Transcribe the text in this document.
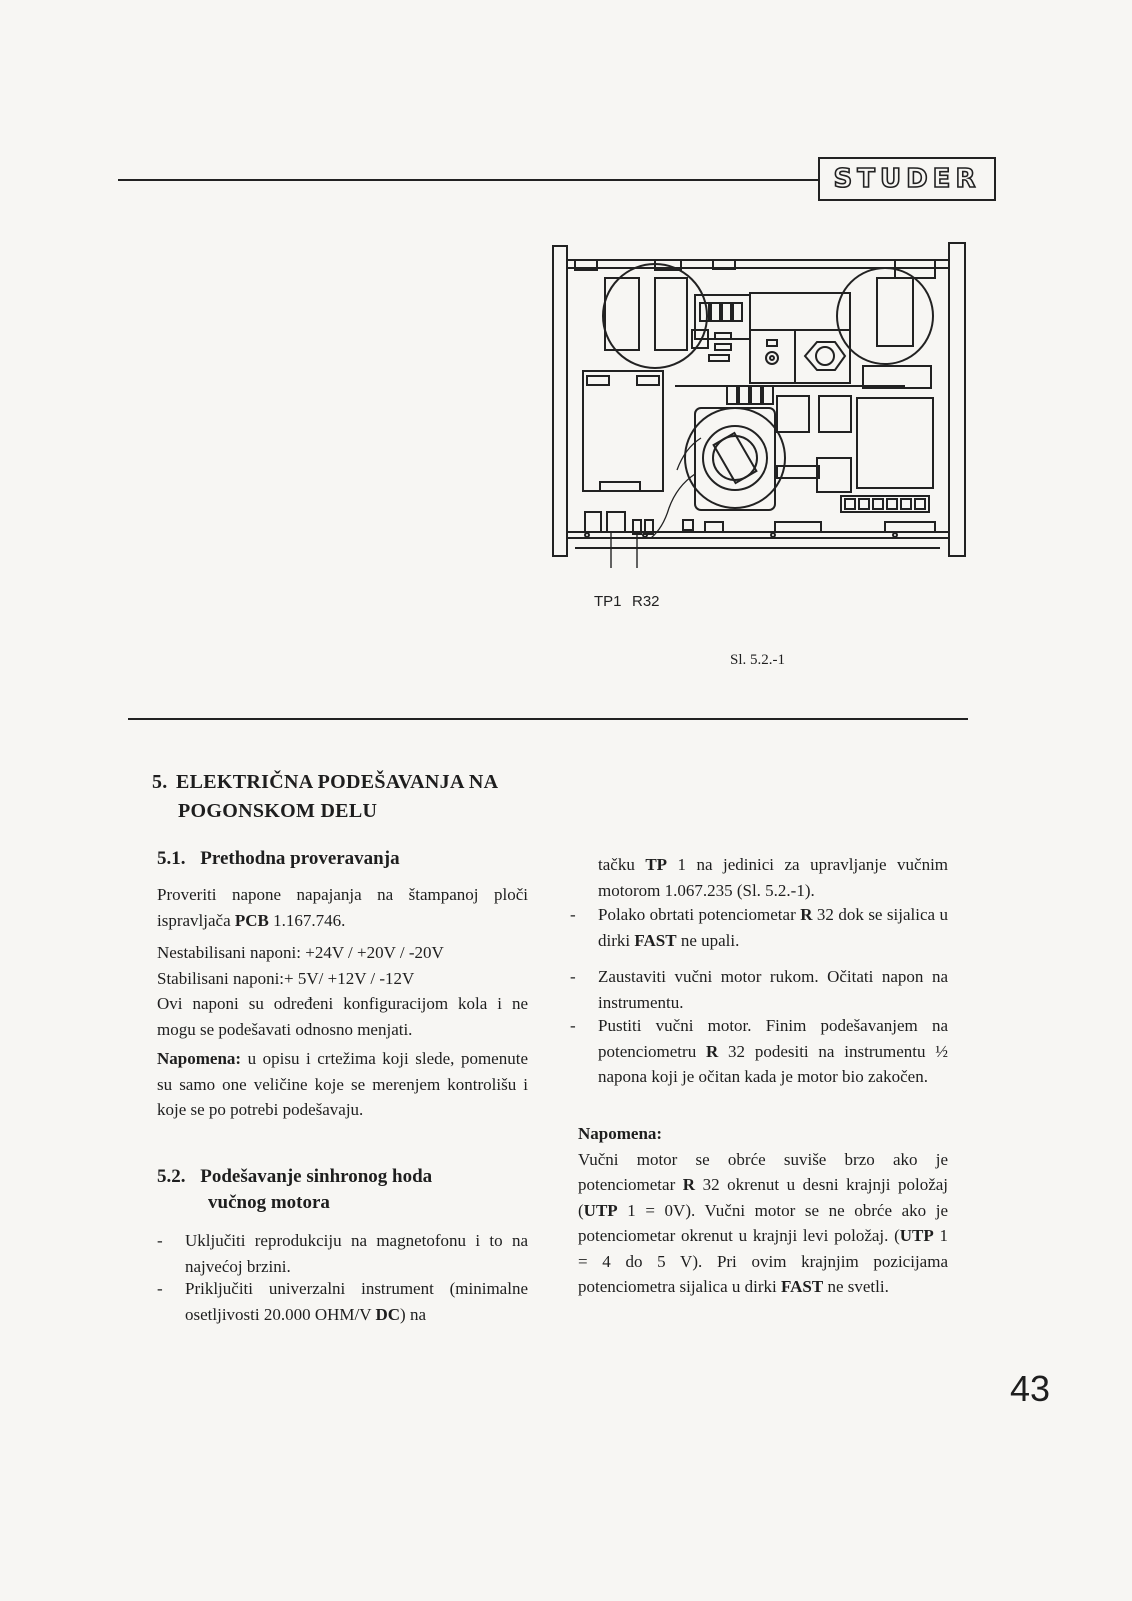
STUDER
TP1 R32
Sl. 5.2.-1
5. ELEKTRIČNA PODEŠAVANJA NA
POGONSKOM DELU
5.1. Prethodna proveravanja
Proveriti napone napajanja na štampanoj ploči ispravljača PCB 1.167.746.
Nestabilisani naponi: +24V / +20V / -20V
Stabilisani naponi:+ 5V/ +12V / -12V
Ovi naponi su određeni konfiguracijom kola i ne mogu se podešavati odnosno menjati.
Napomena: u opisu i crtežima koji slede, pomenute su samo one veličine koje se merenjem kontrolišu i koje se po potrebi podešavaju.
5.2. Podešavanje sinhronog hoda
vučnog motora
- Uključiti reprodukciju na magnetofonu i to na najvećoj brzini.
- Priključiti univerzalni instrument (minimalne osetljivosti 20.000 OHM/V DC) na
tačku TP 1 na jedinici za upravljanje vučnim motorom 1.067.235 (Sl. 5.2.-1).
- Polako obrtati potenciometar R 32 dok se sijalica u dirki FAST ne upali.
- Zaustaviti vučni motor rukom. Očitati napon na instrumentu.
- Pustiti vučni motor. Finim podešavanjem na potenciometru R 32 podesiti na instrumentu ½ napona koji je očitan kada je motor bio zakočen.
Napomena:
Vučni motor se obrće suviše brzo ako je potenciometar R 32 okrenut u desni krajnji položaj (UTP 1 = 0V). Vučni motor se ne obrće ako je potenciometar okrenut u krajnji levi položaj. (UTP 1 = 4 do 5 V). Pri ovim krajnjim pozicijama potenciometra sijalica u dirki FAST ne svetli.
43
